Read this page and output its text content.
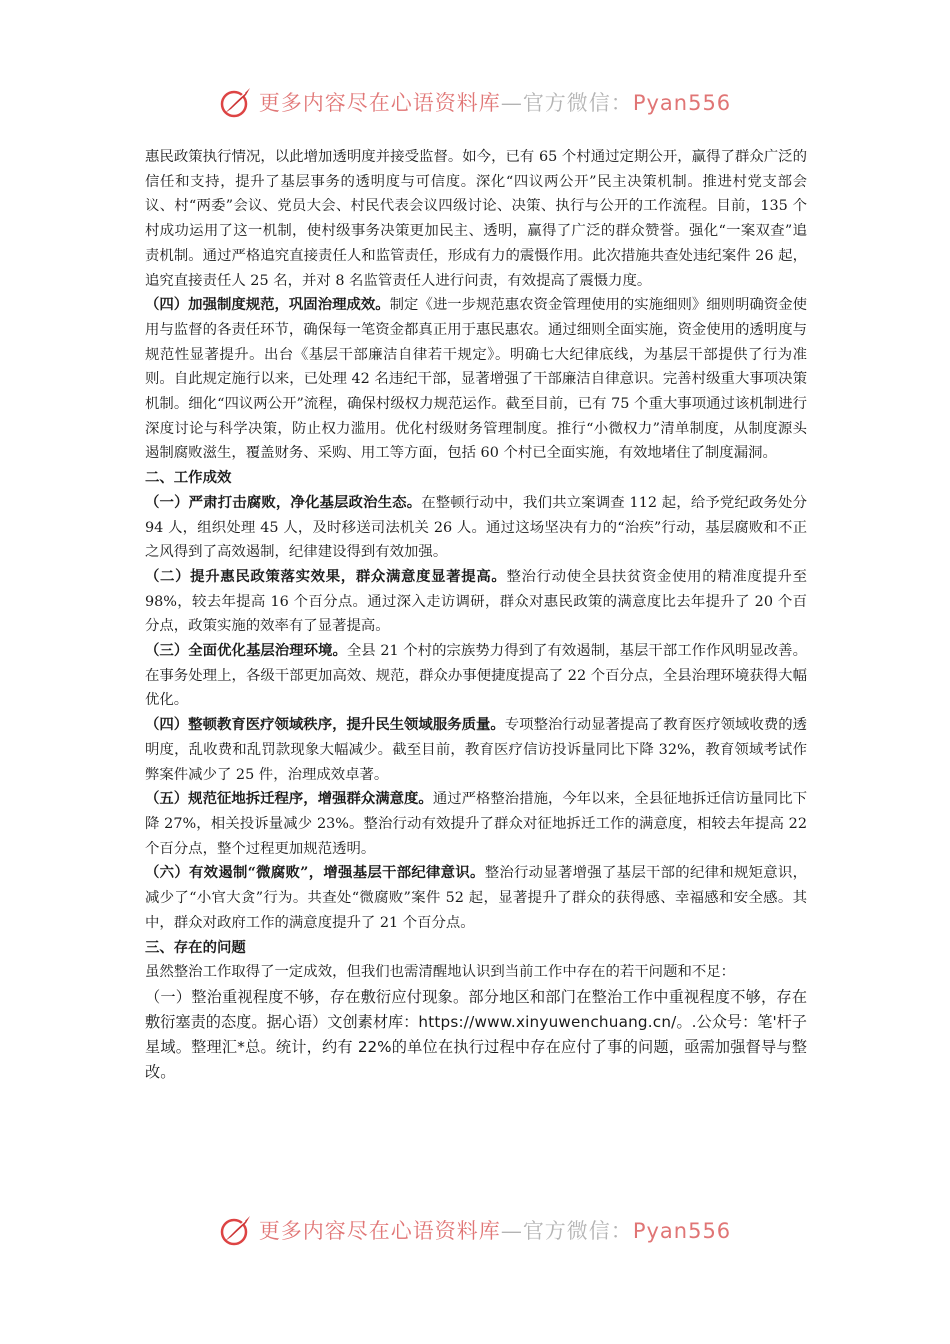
更多内容尽在心语资料库—官方微信：Pyan556

惠民政策执行情况，以此增加透明度并接受监督。如今，已有 65 个村通过定期公开，赢得了群众广泛的信任和支持，提升了基层事务的透明度与可信度。深化“四议两公开”民主决策机制。推进村党支部会议、村“两委”会议、党员大会、村民代表会议四级讨论、决策、执行与公开的工作流程。目前，135 个村成功运用了这一机制，使村级事务决策更加民主、透明，赢得了广泛的群众赞誉。强化“一案双查”追责机制。通过严格追究直接责任人和监管责任，形成有力的震慑作用。此次措施共查处违纪案件 26 起，追究直接责任人 25 名，并对 8 名监管责任人进行问责，有效提高了震慑力度。

（四）加强制度规范，巩固治理成效。制定《进一步规范惠农资金管理使用的实施细则》细则明确资金使用与监督的各责任环节，确保每一笔资金都真正用于惠民惠农。通过细则全面实施，资金使用的透明度与规范性显著提升。出台《基层干部廉洁自律若干规定》。明确七大纪律底线，为基层干部提供了行为准则。自此规定施行以来，已处理 42 名违纪干部，显著增强了干部廉洁自律意识。完善村级重大事项决策机制。细化“四议两公开”流程，确保村级权力规范运作。截至目前，已有 75 个重大事项通过该机制进行深度讨论与科学决策，防止权力滥用。优化村级财务管理制度。推行“小微权力”清单制度，从制度源头遏制腐败滋生，覆盖财务、采购、用工等方面，包括 60 个村已全面实施，有效地堵住了制度漏洞。

二、工作成效

（一）严肃打击腐败，净化基层政治生态。在整顿行动中，我们共立案调查 112 起，给予党纪政务处分 94 人，组织处理 45 人，及时移送司法机关 26 人。通过这场坚决有力的“治疾”行动，基层腐败和不正之风得到了高效遏制，纪律建设得到有效加强。

（二）提升惠民政策落实效果，群众满意度显著提高。整治行动使全县扶贫资金使用的精准度提升至 98%，较去年提高 16 个百分点。通过深入走访调研，群众对惠民政策的满意度比去年提升了 20 个百分点，政策实施的效率有了显著提高。

（三）全面优化基层治理环境。全县 21 个村的宗族势力得到了有效遏制，基层干部工作作风明显改善。在事务处理上，各级干部更加高效、规范，群众办事便捷度提高了 22 个百分点，全县治理环境获得大幅优化。

（四）整顿教育医疗领域秩序，提升民生领域服务质量。专项整治行动显著提高了教育医疗领域收费的透明度，乱收费和乱罚款现象大幅减少。截至目前，教育医疗信访投诉量同比下降 32%，教育领域考试作弊案件减少了 25 件，治理成效卓著。

（五）规范征地拆迁程序，增强群众满意度。通过严格整治措施，今年以来，全县征地拆迁信访量同比下降 27%，相关投诉量减少 23%。整治行动有效提升了群众对征地拆迁工作的满意度，相较去年提高 22 个百分点，整个过程更加规范透明。

（六）有效遏制“微腐败”，增强基层干部纪律意识。整治行动显著增强了基层干部的纪律和规矩意识，减少了“小官大贪”行为。共查处“微腐败”案件 52 起，显著提升了群众的获得感、幸福感和安全感。其中，群众对政府工作的满意度提升了 21 个百分点。

三、存在的问题

虽然整治工作取得了一定成效，但我们也需清醒地认识到当前工作中存在的若干问题和不足：

（一）整治重视程度不够，存在敷衍应付现象。部分地区和部门在整治工作中重视程度不够，存在敷衍塞责的态度。据心语）文创素材库：https://www.xinyuwenchuang.cn/。.公众号：笔'杆子星域。整理汇*总。统计，约有 22%的单位在执行过程中存在应付了事的问题，亟需加强督导与整改。

更多内容尽在心语资料库—官方微信：Pyan556
